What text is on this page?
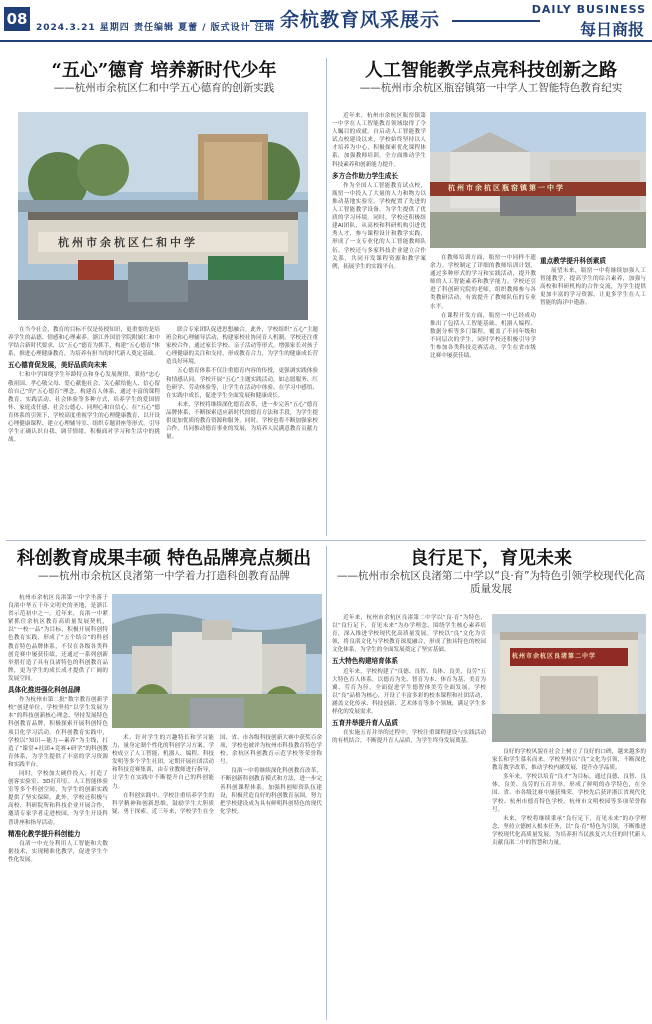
08 2024.3.21 星期四 责任编辑 夏蕾 / 版式设计 汪瑞 余杭教育风采展示	DAILY BUSINESS
每日商报
“五心”德育 培养新时代少年
——杭州市余杭区仁和中学五心德育的创新实践
杭州市余杭区仁和中学

在当今社会，教育的目标不仅是传授知识，更重要的是培养学生的品德、情感和心理素养。浙江外国语学院附属仁和中学结合新时代要求，以“五心”德育为抓手，构建“五心德育”体系，推进心理健康教育，为培养有担当的时代新人奠定基础。

五心德育促发展，美好品质向未来

仁和中学围绕学生年龄特点和身心发展规律，秉持“忠心敬祖国、孝心敬父母、爱心献他社会、关心献给他人、信心留给自己”的“五心德育”理念，构建育人体系，通过丰富的课程教育、实践活动、社会体验等多种方式，培养学生的爱国情怀、家庭责任感、社会公德心、同理心和自信心。在“五心”德育体系的引领下，学校高度重视学生的心理健康教育，以开设心理健康课程、建立心理辅导室、组织专题讲座等形式，引导学生正确认识自我、调节情绪、积极面对学习和生活中的挑战。

联合专家团队促进思想融合。此外，学校组织“五心”主题班会和心理辅导活动，构建家校社协同育人机制。学校还注重家校合作，通过家长学校、亲子活动等形式，增强家长对孩子心理健康的关注和支持，形成教育合力，为学生的健康成长营造良好环境。

五心德育体系不仅注重德育内容的传授，更强调实践体验和情感认同。学校开展“五心”主题实践活动，如志愿服务、红色研学、劳动体验等，让学生在活动中体验、在学习中感悟、在实践中成长，促进学生全面发展和健康成长。

未来，学校将继续深化德育改革，进一步完善“五心”德育品牌体系，不断探索适应新时代的德育方法和手段，为学生提供更加优质的教育资源和服务，同时，学校也将不断加强家校合作，共同推动德育事业的发展，为培养人民满意教育贡献力量。

人工智能教学点亮科技创新之路
——杭州市余杭区瓶窑镇第一中学人工智能特色教育纪实

近年来，杭州市余杭区瓶窑镇第一中学在人工智能教育领域取得了令人瞩目的成就。自启动人工智能教学试点校建设以来，学校始终坚持以人才培养为中心，积极探索优化课程体系，加强教师培训，全方面推动学生科技素养和创新能力提升。

多方合作助力学生成长

作为全国人工智能教育试点校，瓶窑一中投入了大量的人力和物力以推动基地实验室。学校配置了先进的人工智能教学设备，为学生提供了优质的学习环境。同时，学校还积极组建AI团队，从高校和科研机构引进优秀人才，参与课程设计和教学实践，形成了一支专业化的人工智能教师队伍。学校还与多家科技企业建立合作关系，共同开发课程资源和教学案例，拓展学生的实践平台。

杭州市余杭区瓶窑镇第一中学

在教师培训方面，瓶窑一中同样不遗余力。学校制定了详细的教师培训计划，通过多种形式的学习和实践活动，提升教师的人工智能素养和教学能力。学校还引进了科创研究院的老师，组织教师参与各类教研活动，有效提升了教师队伍的专业水平。

在课程开发方面，瓶窑一中已经成功推出了包括人工智能基础、机器人编程、数据分析等多门课程，覆盖了不同年级和不同层次的学生，同时学校还积极引导学生参加各类科技竞赛活动，学生在省市级比赛中屡获佳绩。

重点教学提升科创素质

展望未来，瓶窑一中将继续加强人工智能教学，提高学生的综合素养，加强与高校和科研机构的合作交流，为学生提供更加丰富的学习资源，让更多学生在人工智能的海洋中遨游。

科创教育成果丰硕 特色品牌亮点频出
——杭州市余杭区良渚第一中学着力打造科创教育品牌

杭州市余杭区良渚第一中学坐落于良渚中华五千年文明史的圣地，是浙江省示范初中之一。近年来，良渚一中紧紧抓住余杭区教育高质量发展契机，以“一校一品”为目标，积极开展科创特色教育实践，形成了“五个结合”的科创教育特色品牌体系，不仅在各级各类科创竞赛中屡获佳绩，还通过一系列创新举措打造了具有良渚特色的科创教育品牌，更为学生的成长成才提供了广阔的发展空间。

具体化推进强化科创品牌

作为杭州市第二批“数字教育创新学校”创建单位，学校坚持“以学生发展为本”的科技创新核心理念，坚持发展特色科创教育品牌，积极探索开展科创特色项目化学习活动。在科创教育实践中，学校以“知识—能力—素养”为主线，打造了“课堂+社团+竞赛+研学”的科创教育体系，为学生提供了丰富的学习资源和实践平台。

同时，学校加大硬件投入，打造了创客实验室、3D打印室、人工智能体验室等多个科创空间，为学生的创新实践提供了坚实保障。此外，学校还积极与高校、科研院所和科技企业开展合作，邀请专家学者走进校园，为学生开设科普讲座和指导活动。

精准化教学提升科创能力

良渚一中充分利用人工智能和大数据技术，实现精准化教学，促进学生个性化发展。

术、针对学生的兴趣特长和学习能力，量身定制个性化的科创学习方案。学校成立了人工智能、机器人、编程、科技发明等多个学生社团，定期开展社团活动和科技竞赛集训，由专业教师进行指导，让学生在实践中不断提升自己的科创能力。

在科创实践中，学校注重培养学生的科学精神和创新思维，鼓励学生大胆质疑、勇于探索。近三年来，学校学生在全国、省、市各级科技创新大赛中获奖百余项，学校也被评为杭州市科技教育特色学校、余杭区科创教育示范学校等荣誉称号。

良渚一中将继续深化科创教育改革，不断创新科创教育模式和方法，进一步完善科创课程体系，加强科创师资队伍建设，积极营造良好的科创教育氛围，努力把学校建设成为具有鲜明科创特色的现代化学校。

良行足下，育见未来
——杭州市余杭区良渚第二中学以“良·育”为特色引领学校现代化高质量发展

近年来，杭州市余杭区良渚第二中学以“良·育”为特色，以“良行足下，育见未来”为办学理念，围绕学生核心素养培育，深入推进学校现代化高质量发展。学校以“良”文化为引领，将良渚文化与学校教育深度融合，形成了独具特色的校园文化体系，为学生的全面发展奠定了坚实基础。

五大特色构建培育体系

近年来，学校构建了“良德、良智、良体、良美、良劳”五大特色育人体系，以德育为先、智育为本、体育为基、美育为翼、劳育为径，全面促进学生德智体美劳全面发展。学校以“良”品格为核心，开设了丰富多彩的校本课程和社团活动，涵盖文化传承、科技创新、艺术体育等多个领域，满足学生多样化的发展需求。

五育并举提升育人品质

在实施五育并举的过程中，学校注重课程建设与实践活动的有机结合，不断提升育人品质，为学生终身发展奠基。

杭州市余杭区良渚第二中学

良好的学校风貌在社会上树立了良好的口碑，越来越多的家长和学生慕名而来。学校坚持以“良”文化为引领，不断深化教育教学改革，推动学校内涵发展，提升办学品质。

多年来，学校以培育“良才”为目标，通过良德、良智、良体、良美、良劳的五育并举，形成了鲜明的办学特色，在全国、省、市各级比赛中屡获殊荣。学校先后获评浙江省现代化学校、杭州市德育特色学校、杭州市文明校园等多项荣誉称号。

未来，学校将继续秉承“良行足下，育见未来”的办学理念，坚持立德树人根本任务，以“良·育”特色为引领，不断推进学校现代化高质量发展，为培养担当民族复兴大任的时代新人贡献良渚二中的智慧和力量。
